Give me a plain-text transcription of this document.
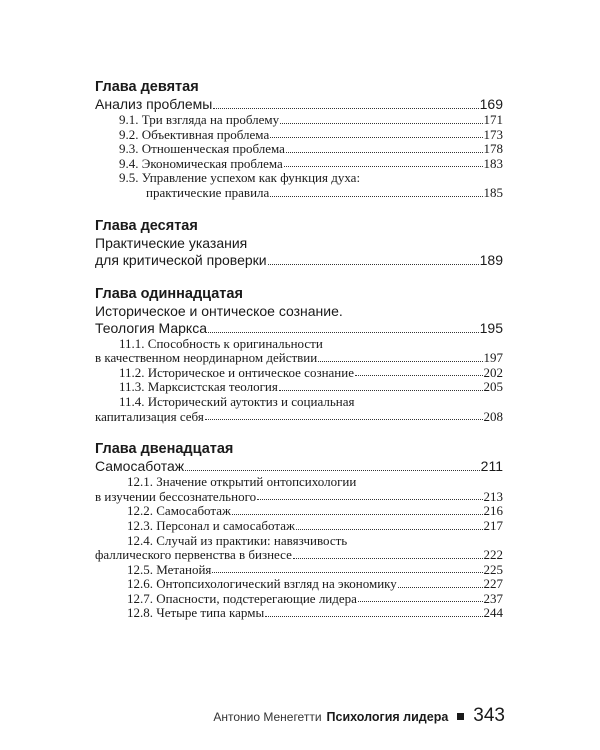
Глава девятая
Анализ проблемы	169
9.1. Три взгляда на проблему	171
9.2. Объективная проблема	173
9.3. Отношенческая проблема	178
9.4. Экономическая проблема	183
9.5. Управление успехом как функция духа:
практические правила	185
Глава десятая
Практические указания
для критической проверки	189
Глава одиннадцатая
Историческое и онтическое сознание.
Теология Маркса	195
11.1. Способность к оригинальности
в качественном неординарном действии	197
11.2. Историческое и онтическое сознание	202
11.3. Марксистская теология	205
11.4. Исторический аутоктиз и социальная
капитализация себя	208
Глава двенадцатая
Самосаботаж	211
12.1. Значение открытий онтопсихологии
в изучении бессознательного	213
12.2. Самосаботаж	216
12.3. Персонал и самосаботаж	217
12.4. Случай из практики: навязчивость
фаллического первенства в бизнесе	222
12.5. Метанойя	225
12.6. Онтопсихологический взгляд на экономику	227
12.7. Опасности, подстерегающие лидера	237
12.8. Четыре типа кармы	244
Антонио Менегетти Психология лидера 343
